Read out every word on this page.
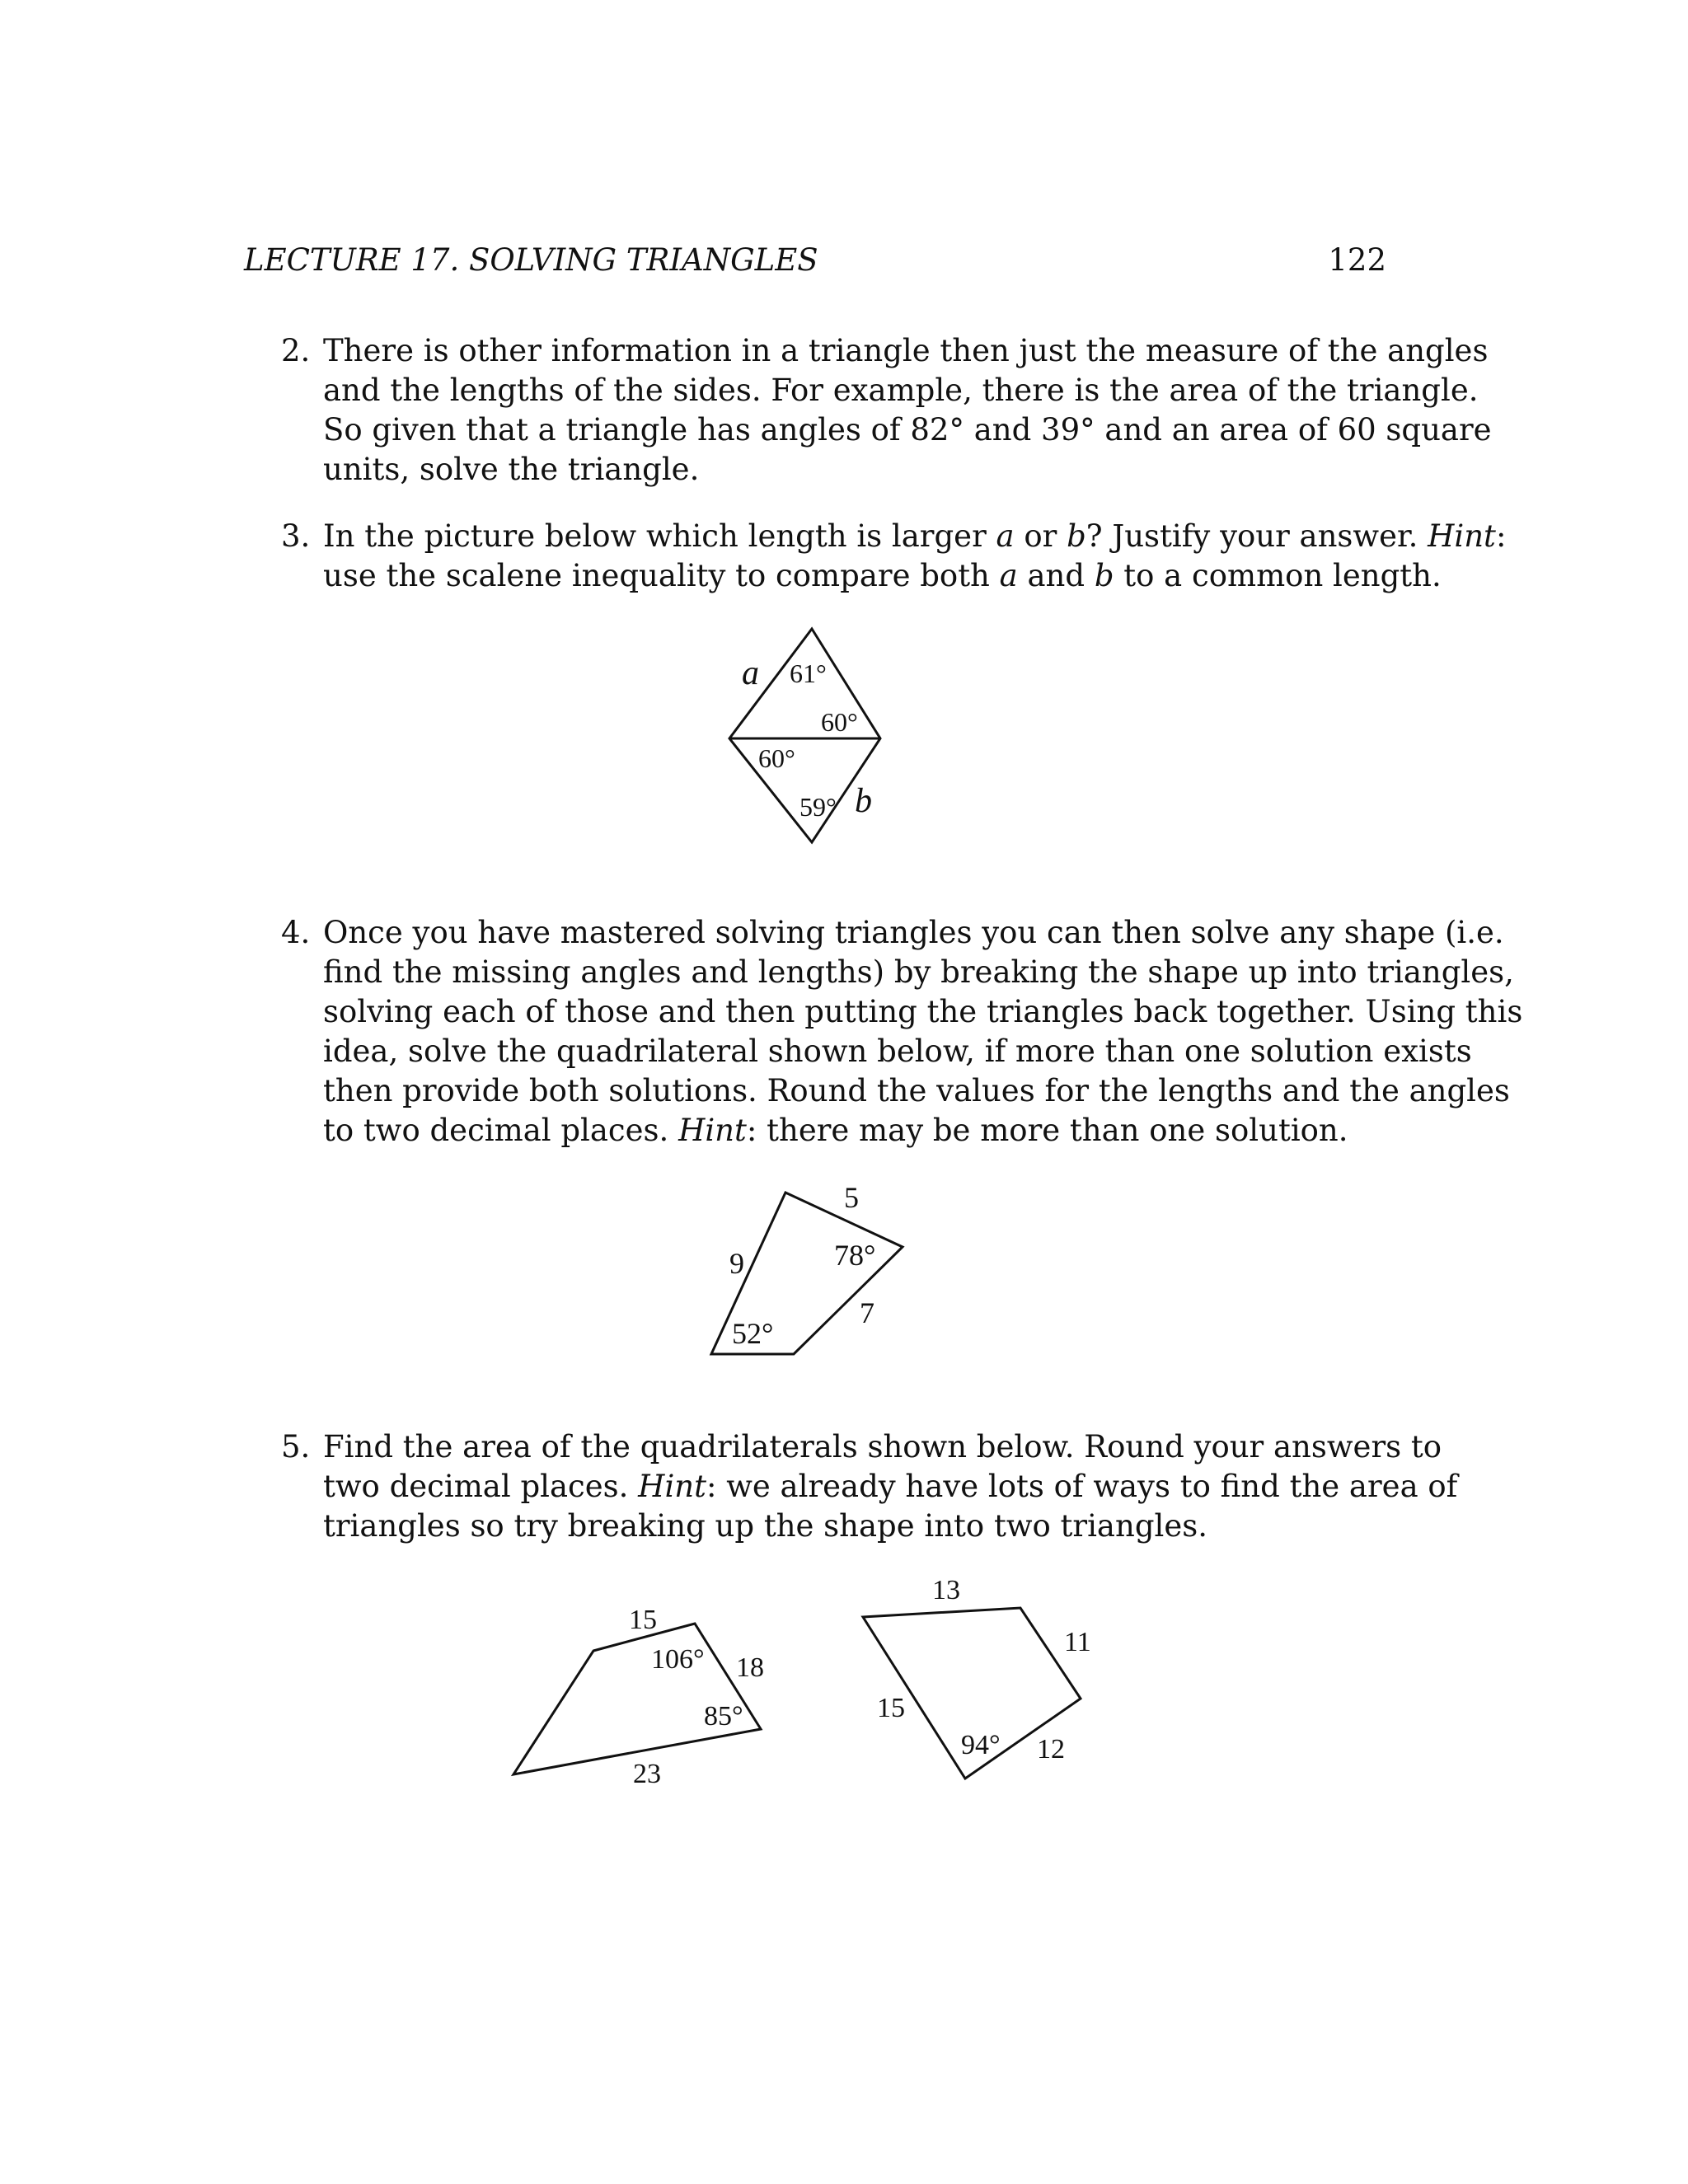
LECTURE 17. SOLVING TRIANGLES	122
2. There is other information in a triangle then just the measure of the angles
and the lengths of the sides. For example, there is the area of the triangle.
So given that a triangle has angles of 82° and 39° and an area of 60 square
units, solve the triangle.
3. In the picture below which length is larger a or b? Justify your answer. Hint:
use the scalene inequality to compare both a and b to a common length.
a 61°
60°
60°
59° b
4. Once you have mastered solving triangles you can then solve any shape (i.e.
find the missing angles and lengths) by breaking the shape up into triangles,
solving each of those and then putting the triangles back together. Using this
idea, solve the quadrilateral shown below, if more than one solution exists
then provide both solutions. Round the values for the lengths and the angles
to two decimal places. Hint: there may be more than one solution.
5
9	78°
7
52°
5. Find the area of the quadrilaterals shown below. Round your answers to
two decimal places. Hint: we already have lots of ways to find the area of
triangles so try breaking up the shape into two triangles.
15
106° 18
85°
23
13
11
15
94° 12
